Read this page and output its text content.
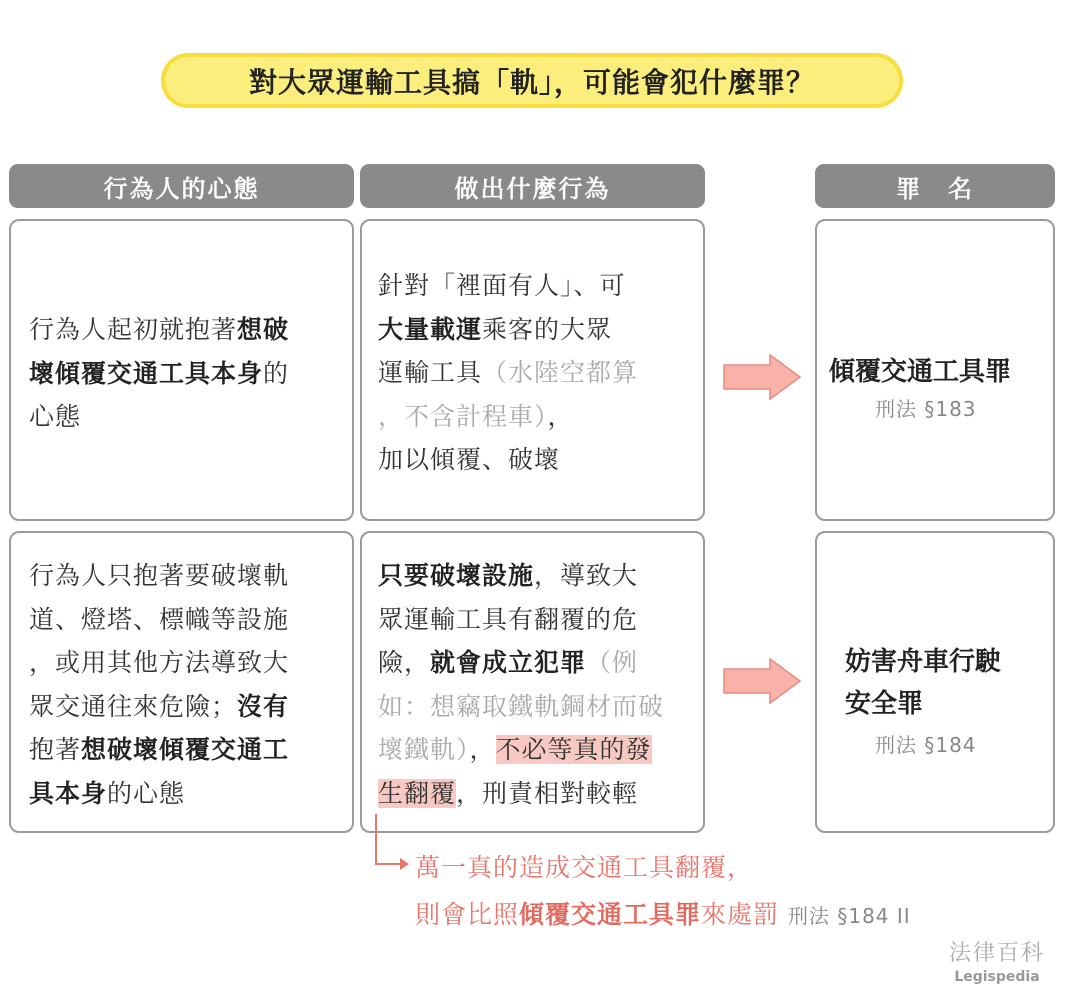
對大眾運輸工具搞「軌」，可能會犯什麼罪？
行為人的心態	做出什麼行為	罪　名
行為人起初就抱著想破
壞傾覆交通工具本身的
心態
針對「裡面有人」、可
大量載運乘客的大眾
運輸工具（水陸空都算
，不含計程車），
加以傾覆、破壞
傾覆交通工具罪
刑法 §183
行為人只抱著要破壞軌
道、燈塔、標幟等設施
，或用其他方法導致大
眾交通往來危險；沒有
抱著想破壞傾覆交通工
具本身的心態
只要破壞設施，導致大
眾運輸工具有翻覆的危
險，就會成立犯罪（例
如：想竊取鐵軌鋼材而破
壞鐵軌），不必等真的發
生翻覆，刑責相對較輕
妨害舟車行駛
安全罪
刑法 §184
萬一真的造成交通工具翻覆，
則會比照傾覆交通工具罪來處罰 刑法 §184 II
法律百科
Legispedia
